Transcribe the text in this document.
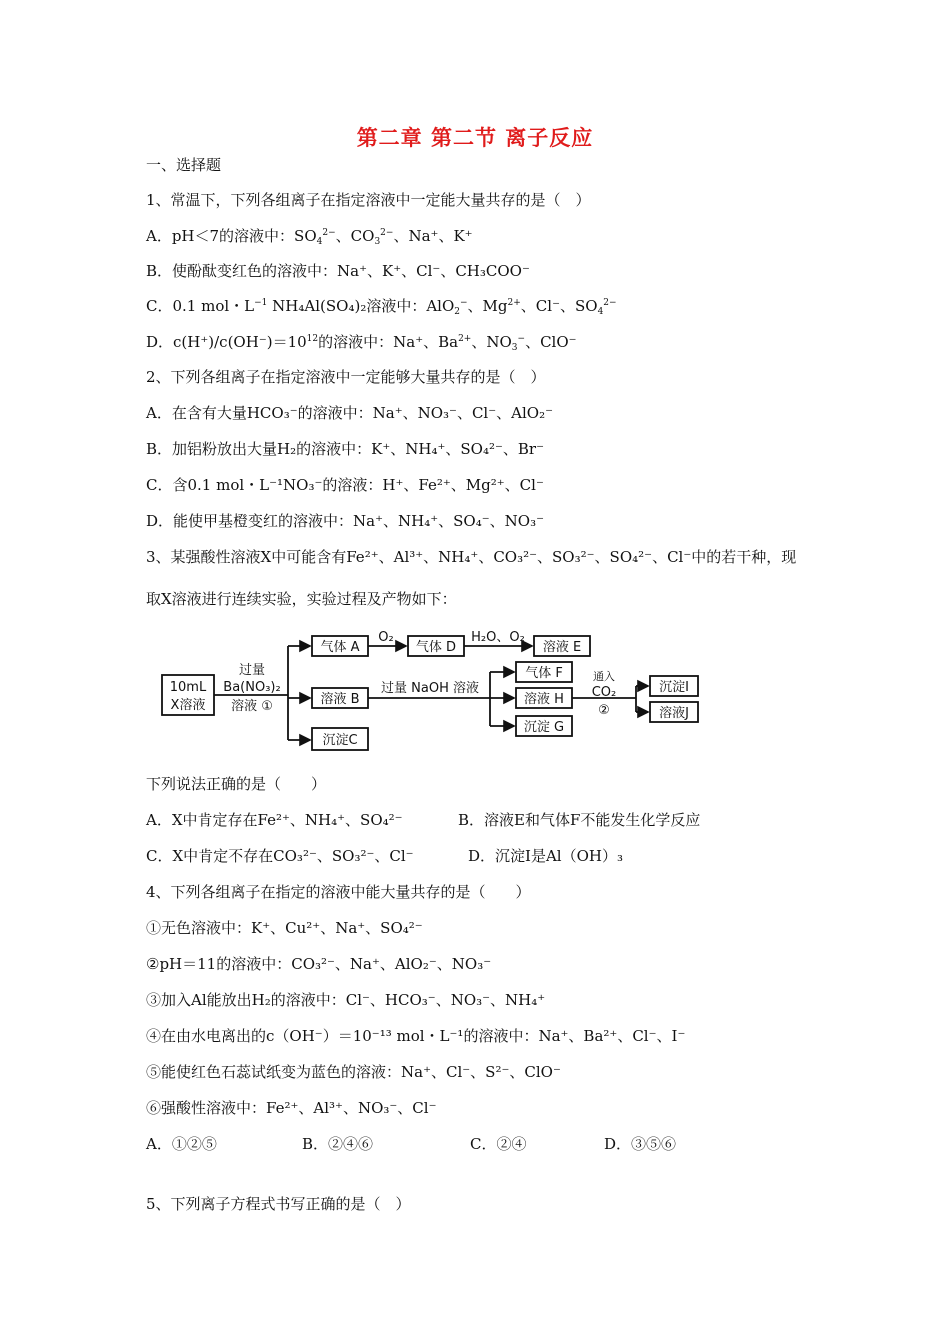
第二章 第二节 离子反应
一、选择题
1、常温下，下列各组离子在指定溶液中一定能大量共存的是（　）
A．pH＜7的溶液中：$SO_4^{2-}$、$CO_3^{2-}$、Na⁺、K⁺
B．使酚酞变红色的溶液中：Na⁺、K⁺、Cl⁻、CH₃COO⁻
C．0.1 mol・$L^{-1}$ NH₄Al(SO₄)₂溶液中：AlO$_2$−、$Mg^{2+}$、Cl⁻、$SO_4^{2-}$
D．$c(H^+)/c(OH^-)=10^{12}$的溶液中：Na⁺、$Ba^{2+}$、$NO_3^-$、ClO⁻
2、下列各组离子在指定溶液中一定能够大量共存的是（　）
A．在含有大量HCO₃⁻的溶液中：Na⁺、NO₃⁻、Cl⁻、AlO₂⁻
B．加铝粉放出大量H₂的溶液中：K⁺、NH₄⁺、SO₄²⁻、Br⁻
C．含0.1 mol・L⁻¹NO₃⁻的溶液：H⁺、Fe²⁺、Mg²⁺、Cl⁻
D．能使甲基橙变红的溶液中：Na⁺、NH₄⁺、SO₄⁻、NO₃⁻
3、某强酸性溶液X中可能含有Fe²⁺、Al³⁺、NH₄⁺、CO₃²⁻、SO₃²⁻、SO₄²⁻、Cl⁻中的若干种，现
取X溶液进行连续实验，实验过程及产物如下：
10mL
X溶液
过量
Ba(NO₃)₂
溶液 ①
气体 A
O₂
气体 D
H₂O、O₂
溶液 E
溶液 B
过量 NaOH 溶液
沉淀C
气体 F
溶液 H
沉淀 G
通入
CO₂
②
沉淀I
溶液J
下列说法正确的是（　　）
A．X中肯定存在Fe²⁺、NH₄⁺、SO₄²⁻	B．溶液E和气体F不能发生化学反应
C．X中肯定不存在CO₃²⁻、SO₃²⁻、Cl⁻	D．沉淀I是Al（OH）₃
4、下列各组离子在指定的溶液中能大量共存的是（　　）
①无色溶液中：K⁺、Cu²⁺、Na⁺、SO₄²⁻
②pH＝11的溶液中：CO₃²⁻、Na⁺、AlO₂⁻、NO₃⁻
③加入Al能放出H₂的溶液中：Cl⁻、HCO₃⁻、NO₃⁻、NH₄⁺
④在由水电离出的c（OH⁻）＝10⁻¹³ mol・L⁻¹的溶液中：Na⁺、Ba²⁺、Cl⁻、I⁻
⑤能使红色石蕊试纸变为蓝色的溶液：Na⁺、Cl⁻、S²⁻、ClO⁻
⑥强酸性溶液中：Fe²⁺、Al³⁺、NO₃⁻、Cl⁻
A．①②⑤	B．②④⑥	C．②④	D．③⑤⑥
5、下列离子方程式书写正确的是（　）
